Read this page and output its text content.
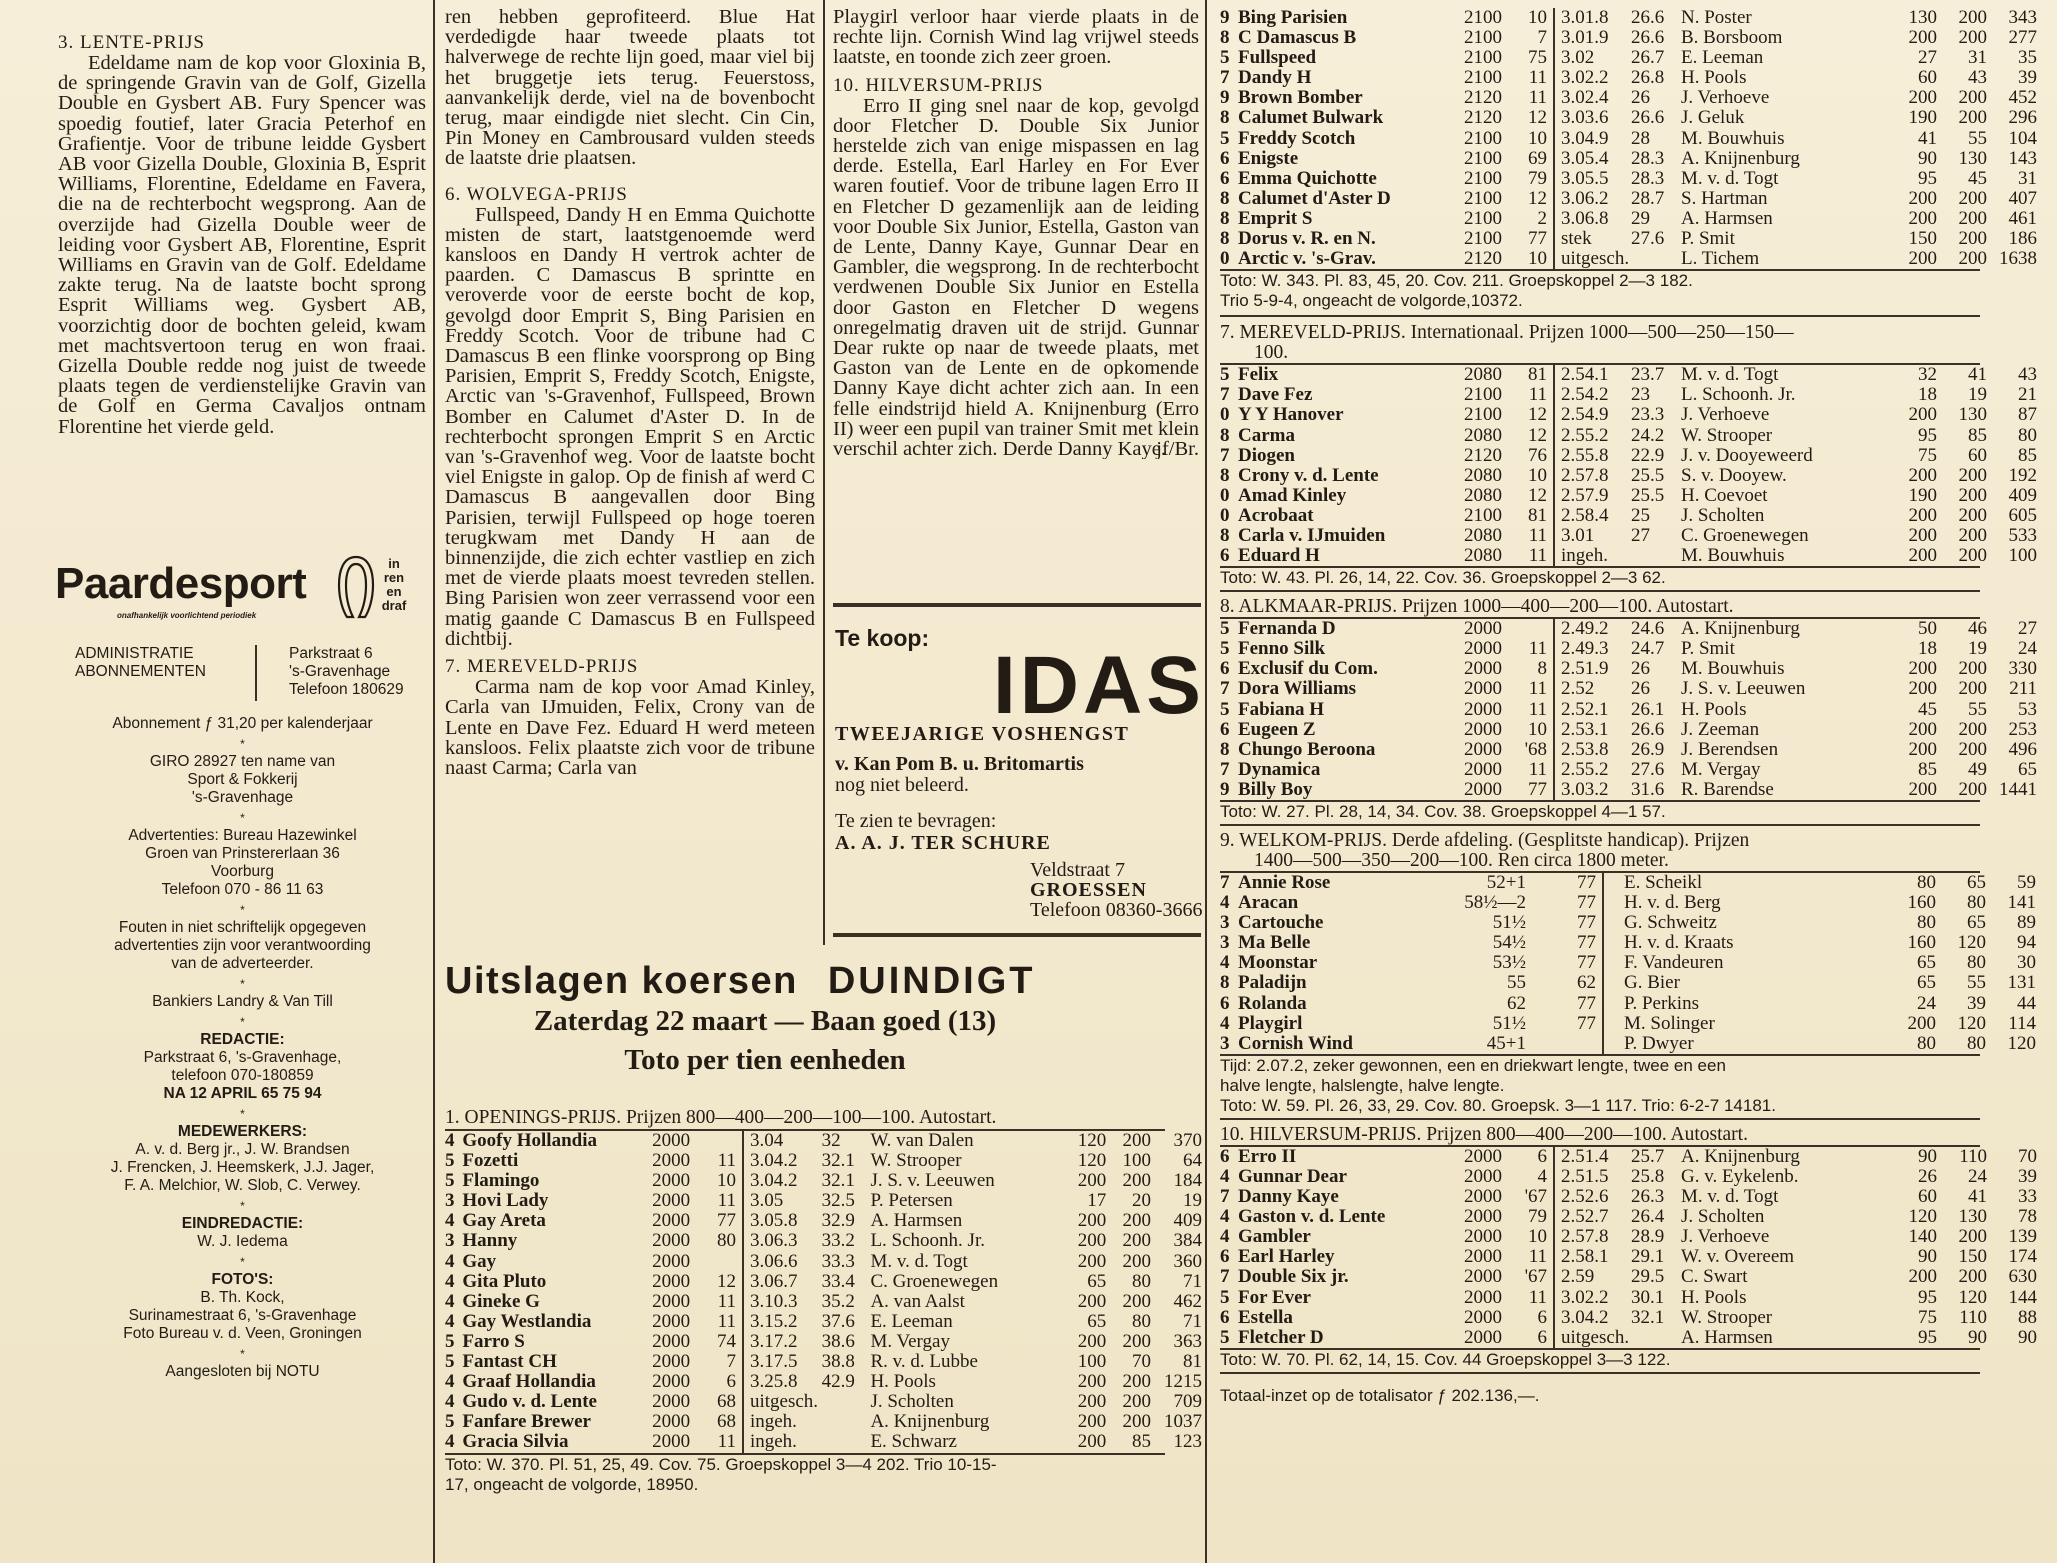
3. LENTE-PRIJS

Edeldame nam de kop voor Gloxinia B, de springende Gravin van de Golf, Gizella Double en Gysbert AB. Fury Spencer was spoedig foutief, later Gracia Peterhof en Grafientje. Voor de tribune leidde Gysbert AB voor Gizella Double, Gloxinia B, Esprit Williams, Florentine, Edeldame en Favera, die na de rechterbocht wegsprong. Aan de overzijde had Gizella Double weer de leiding voor Gysbert AB, Florentine, Esprit Williams en Gravin van de Golf. Edeldame zakte terug. Na de laatste bocht sprong Esprit Williams weg. Gysbert AB, voorzichtig door de bochten geleid, kwam met machtsvertoon terug en won fraai. Gizella Double redde nog juist de tweede plaats tegen de verdienstelijke Gravin van de Golf en Germa Cavaljos ontnam Florentine het vierde geld.

Paardesport
onafhankelijk voorlichtend periodiek
in
ren
en
draf
ADMINISTRATIE
ABONNEMENTEN
Parkstraat 6
's-Gravenhage
Telefoon 180629
Abonnement ƒ 31,20 per kalenderjaar
*
GIRO 28927 ten name van
Sport & Fokkerij
's-Gravenhage
*
Advertenties: Bureau Hazewinkel
Groen van Prinstererlaan 36
Voorburg
Telefoon 070 - 86 11 63
*
Fouten in niet schriftelijk opgegeven
advertenties zijn voor verantwoording
van de adverteerder.
*
Bankiers Landry & Van Till
*
REDACTIE:
Parkstraat 6, 's-Gravenhage,
telefoon 070-180859
NA 12 APRIL 65 75 94
*
MEDEWERKERS:
A. v. d. Berg jr., J. W. Brandsen
J. Frencken, J. Heemskerk, J.J. Jager,
F. A. Melchior, W. Slob, C. Verwey.
*
EINDREDACTIE:
W. J. Iedema
*
FOTO'S:
B. Th. Kock,
Surinamestraat 6, 's-Gravenhage
Foto Bureau v. d. Veen, Groningen
*
Aangesloten bij NOTU

ren hebben geprofiteerd. Blue Hat verdedigde haar tweede plaats tot halverwege de rechte lijn goed, maar viel bij het bruggetje iets terug. Feuerstoss, aanvankelijk derde, viel na de bovenbocht terug, maar eindigde niet slecht. Cin Cin, Pin Money en Cambrousard vulden steeds de laatste drie plaatsen.

6. WOLVEGA-PRIJS

Fullspeed, Dandy H en Emma Quichotte misten de start, laatstgenoemde werd kansloos en Dandy H vertrok achter de paarden. C Damascus B sprintte en veroverde voor de eerste bocht de kop, gevolgd door Emprit S, Bing Parisien en Freddy Scotch. Voor de tribune had C Damascus B een flinke voorsprong op Bing Parisien, Emprit S, Freddy Scotch, Enigste, Arctic van 's-Gravenhof, Fullspeed, Brown Bomber en Calumet d'Aster D. In de rechterbocht sprongen Emprit S en Arctic van 's-Gravenhof weg. Voor de laatste bocht viel Enigste in galop. Op de finish af werd C Damascus B aangevallen door Bing Parisien, terwijl Fullspeed op hoge toeren terugkwam met Dandy H aan de binnenzijde, die zich echter vastliep en zich met de vierde plaats moest tevreden stellen. Bing Parisien won zeer verrassend voor een matig gaande C Damascus B en Fullspeed dichtbij.

7. MEREVELD-PRIJS

Carma nam de kop voor Amad Kinley, Carla van IJmuiden, Felix, Crony van de Lente en Dave Fez. Eduard H werd meteen kansloos. Felix plaatste zich voor de tribune naast Carma; Carla van

Playgirl verloor haar vierde plaats in de rechte lijn. Cornish Wind lag vrijwel steeds laatste, en toonde zich zeer groen.

10. HILVERSUM-PRIJS

Erro II ging snel naar de kop, gevolgd door Fletcher D. Double Six Junior herstelde zich van enige mispassen en lag derde. Estella, Earl Harley en For Ever waren foutief. Voor de tribune lagen Erro II en Fletcher D gezamenlijk aan de leiding voor Double Six Junior, Estella, Gaston van de Lente, Danny Kaye, Gunnar Dear en Gambler, die wegsprong. In de rechterbocht verdwenen Double Six Junior en Estella door Gaston en Fletcher D wegens onregelmatig draven uit de strijd. Gunnar Dear rukte op naar de tweede plaats, met Gaston van de Lente en de opkomende Danny Kaye dicht achter zich aan. In een felle eindstrijd hield A. Knijnenburg (Erro II) weer een pupil van trainer Smit met klein verschil achter zich. Derde Danny Kaye.

jf/Br.
Te koop:
IDAS
TWEEJARIGE VOSHENGST
v. Kan Pom B. u. Britomartis
nog niet beleerd.
Te zien te bevragen:
A. A. J. TER SCHURE
Veldstraat 7
GROESSEN
Telefoon 08360-3666
Uitslagen koersen DUINDIGT
Zaterdag 22 maart — Baan goed (13)
Toto per tien eenheden

1. OPENINGS-PRIJS. Prijzen 800—400—200—100—100. Autostart.

4	Goofy Hollandia	2000		3.04	32	W. van Dalen	120	200	370
5	Fozetti	2000	11	3.04.2	32.1	W. Strooper	120	100	64
5	Flamingo	2000	10	3.04.2	32.1	J. S. v. Leeuwen	200	200	184
3	Hovi Lady	2000	11	3.05	32.5	P. Petersen	17	20	19
4	Gay Areta	2000	77	3.05.8	32.9	A. Harmsen	200	200	409
3	Hanny	2000	80	3.06.3	33.2	L. Schoonh. Jr.	200	200	384
4	Gay	2000		3.06.6	33.3	M. v. d. Togt	200	200	360
4	Gita Pluto	2000	12	3.06.7	33.4	C. Groenewegen	65	80	71
4	Gineke G	2000	11	3.10.3	35.2	A. van Aalst	200	200	462
4	Gay Westlandia	2000	11	3.15.2	37.6	E. Leeman	65	80	71
5	Farro S	2000	74	3.17.2	38.6	M. Vergay	200	200	363
5	Fantast CH	2000	7	3.17.5	38.8	R. v. d. Lubbe	100	70	81
4	Graaf Hollandia	2000	6	3.25.8	42.9	H. Pools	200	200	1215
4	Gudo v. d. Lente	2000	68	uitgesch.		J. Scholten	200	200	709
5	Fanfare Brewer	2000	68	ingeh.		A. Knijnenburg	200	200	1037
4	Gracia Silvia	2000	11	ingeh.		E. Schwarz	200	85	123

Toto: W. 370. Pl. 51, 25, 49. Cov. 75. Groepskoppel 3—4 202. Trio 10-15-

17, ongeacht de volgorde, 18950.

9	Bing Parisien	2100	10	3.01.8	26.6	N. Poster	130	200	343
8	C Damascus B	2100	7	3.01.9	26.6	B. Borsboom	200	200	277
5	Fullspeed	2100	75	3.02	26.7	E. Leeman	27	31	35
7	Dandy H	2100	11	3.02.2	26.8	H. Pools	60	43	39
9	Brown Bomber	2120	11	3.02.4	26	J. Verhoeve	200	200	452
8	Calumet Bulwark	2120	12	3.03.6	26.6	J. Geluk	190	200	296
5	Freddy Scotch	2100	10	3.04.9	28	M. Bouwhuis	41	55	104
6	Enigste	2100	69	3.05.4	28.3	A. Knijnenburg	90	130	143
6	Emma Quichotte	2100	79	3.05.5	28.3	M. v. d. Togt	95	45	31
8	Calumet d'Aster D	2100	12	3.06.2	28.7	S. Hartman	200	200	407
8	Emprit S	2100	2	3.06.8	29	A. Harmsen	200	200	461
8	Dorus v. R. en N.	2100	77	stek	27.6	P. Smit	150	200	186
0	Arctic v. 's-Grav.	2120	10	uitgesch.		L. Tichem	200	200	1638

Toto: W. 343. Pl. 83, 45, 20. Cov. 211. Groepskoppel 2—3 182.

Trio 5-9-4, ongeacht de volgorde,10372.

7. MEREVELD-PRIJS. Internationaal. Prijzen 1000—500—250—150—

100.

5	Felix	2080	81	2.54.1	23.7	M. v. d. Togt	32	41	43
7	Dave Fez	2100	11	2.54.2	23	L. Schoonh. Jr.	18	19	21
0	Y Y Hanover	2100	12	2.54.9	23.3	J. Verhoeve	200	130	87
8	Carma	2080	12	2.55.2	24.2	W. Strooper	95	85	80
7	Diogen	2120	76	2.55.8	22.9	J. v. Dooyeweerd	75	60	85
8	Crony v. d. Lente	2080	10	2.57.8	25.5	S. v. Dooyew.	200	200	192
0	Amad Kinley	2080	12	2.57.9	25.5	H. Coevoet	190	200	409
0	Acrobaat	2100	81	2.58.4	25	J. Scholten	200	200	605
8	Carla v. IJmuiden	2080	11	3.01	27	C. Groenewegen	200	200	533
6	Eduard H	2080	11	ingeh.		M. Bouwhuis	200	200	100

Toto: W. 43. Pl. 26, 14, 22. Cov. 36. Groepskoppel 2—3 62.

8. ALKMAAR-PRIJS. Prijzen 1000—400—200—100. Autostart.

5	Fernanda D	2000		2.49.2	24.6	A. Knijnenburg	50	46	27
5	Fenno Silk	2000	11	2.49.3	24.7	P. Smit	18	19	24
6	Exclusif du Com.	2000	8	2.51.9	26	M. Bouwhuis	200	200	330
7	Dora Williams	2000	11	2.52	26	J. S. v. Leeuwen	200	200	211
5	Fabiana H	2000	11	2.52.1	26.1	H. Pools	45	55	53
6	Eugeen Z	2000	10	2.53.1	26.6	J. Zeeman	200	200	253
8	Chungo Beroona	2000	'68	2.53.8	26.9	J. Berendsen	200	200	496
7	Dynamica	2000	11	2.55.2	27.6	M. Vergay	85	49	65
9	Billy Boy	2000	77	3.03.2	31.6	R. Barendse	200	200	1441

Toto: W. 27. Pl. 28, 14, 34. Cov. 38. Groepskoppel 4—1 57.

9. WELKOM-PRIJS. Derde afdeling. (Gesplitste handicap). Prijzen

1400—500—350—200—100. Ren circa 1800 meter.

7	Annie Rose	52+1	77	E. Scheikl	80	65	59
4	Aracan	58½—2	77	H. v. d. Berg	160	80	141
3	Cartouche	51½	77	G. Schweitz	80	65	89
3	Ma Belle	54½	77	H. v. d. Kraats	160	120	94
4	Moonstar	53½	77	F. Vandeuren	65	80	30
8	Paladijn	55	62	G. Bier	65	55	131
6	Rolanda	62	77	P. Perkins	24	39	44
4	Playgirl	51½	77	M. Solinger	200	120	114
3	Cornish Wind	45+1		P. Dwyer	80	80	120

Tijd: 2.07.2, zeker gewonnen, een en driekwart lengte, twee en een

halve lengte, halslengte, halve lengte.

Toto: W. 59. Pl. 26, 33, 29. Cov. 80. Groepsk. 3—1 117. Trio: 6-2-7 14181.

10. HILVERSUM-PRIJS. Prijzen 800—400—200—100. Autostart.

6	Erro II	2000	6	2.51.4	25.7	A. Knijnenburg	90	110	70
4	Gunnar Dear	2000	4	2.51.5	25.8	G. v. Eykelenb.	26	24	39
7	Danny Kaye	2000	'67	2.52.6	26.3	M. v. d. Togt	60	41	33
4	Gaston v. d. Lente	2000	79	2.52.7	26.4	J. Scholten	120	130	78
4	Gambler	2000	10	2.57.8	28.9	J. Verhoeve	140	200	139
6	Earl Harley	2000	11	2.58.1	29.1	W. v. Overeem	90	150	174
7	Double Six jr.	2000	'67	2.59	29.5	C. Swart	200	200	630
5	For Ever	2000	11	3.02.2	30.1	H. Pools	95	120	144
6	Estella	2000	6	3.04.2	32.1	W. Strooper	75	110	88
5	Fletcher D	2000	6	uitgesch.		A. Harmsen	95	90	90

Toto: W. 70. Pl. 62, 14, 15. Cov. 44 Groepskoppel 3—3 122.

Totaal-inzet op de totalisator ƒ 202.136,—.
